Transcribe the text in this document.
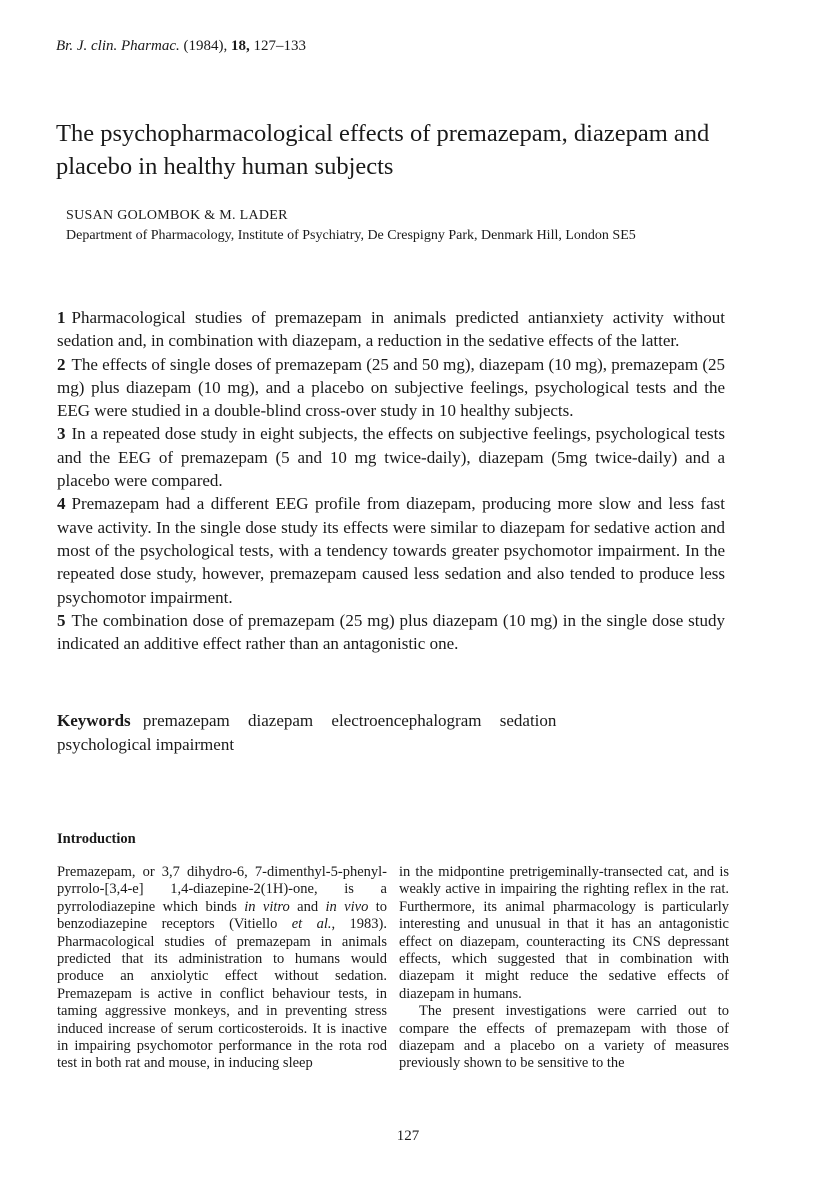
Br. J. clin. Pharmac. (1984), 18, 127–133
The psychopharmacological effects of premazepam, diazepam and placebo in healthy human subjects
SUSAN GOLOMBOK & M. LADER
Department of Pharmacology, Institute of Psychiatry, De Crespigny Park, Denmark Hill, London SE5

1 Pharmacological studies of premazepam in animals predicted antianxiety activity without sedation and, in combination with diazepam, a reduction in the sedative effects of the latter.

2 The effects of single doses of premazepam (25 and 50 mg), diazepam (10 mg), premazepam (25 mg) plus diazepam (10 mg), and a placebo on subjective feelings, psychological tests and the EEG were studied in a double-blind cross-over study in 10 healthy subjects.

3 In a repeated dose study in eight subjects, the effects on subjective feelings, psychological tests and the EEG of premazepam (5 and 10 mg twice-daily), diazepam (5mg twice-daily) and a placebo were compared.

4 Premazepam had a different EEG profile from diazepam, producing more slow and less fast wave activity. In the single dose study its effects were similar to diazepam for sedative action and most of the psychological tests, with a tendency towards greater psychomotor impairment. In the repeated dose study, however, premazepam caused less sedation and also tended to produce less psychomotor impairment.

5 The combination dose of premazepam (25 mg) plus diazepam (10 mg) in the single dose study indicated an additive effect rather than an antagonistic one.

Keywords premazepam diazepam electroencephalogram sedation
psychological impairment
Introduction

Premazepam, or 3,7 dihydro-6, 7-dimenthyl-5-phenyl-pyrrolo-[3,4-e] 1,4-diazepine-2(1H)-one, is a pyrrolodiazepine which binds in vitro and in vivo to benzodiazepine receptors (Vitiello et al., 1983). Pharmacological studies of premazepam in animals predicted that its administration to humans would produce an anxiolytic effect without sedation. Premazepam is active in conflict behaviour tests, in taming aggressive monkeys, and in preventing stress induced increase of serum corticosteroids. It is inactive in impairing psychomotor performance in the rota rod test in both rat and mouse, in inducing sleep

in the midpontine pretrigeminally-transected cat, and is weakly active in impairing the righting reflex in the rat. Furthermore, its animal pharmacology is particularly interesting and unusual in that it has an antagonistic effect on diazepam, counteracting its CNS depressant effects, which suggested that in combination with diazepam it might reduce the sedative effects of diazepam in humans.

The present investigations were carried out to compare the effects of premazepam with those of diazepam and a placebo on a variety of measures previously shown to be sensitive to the

127
